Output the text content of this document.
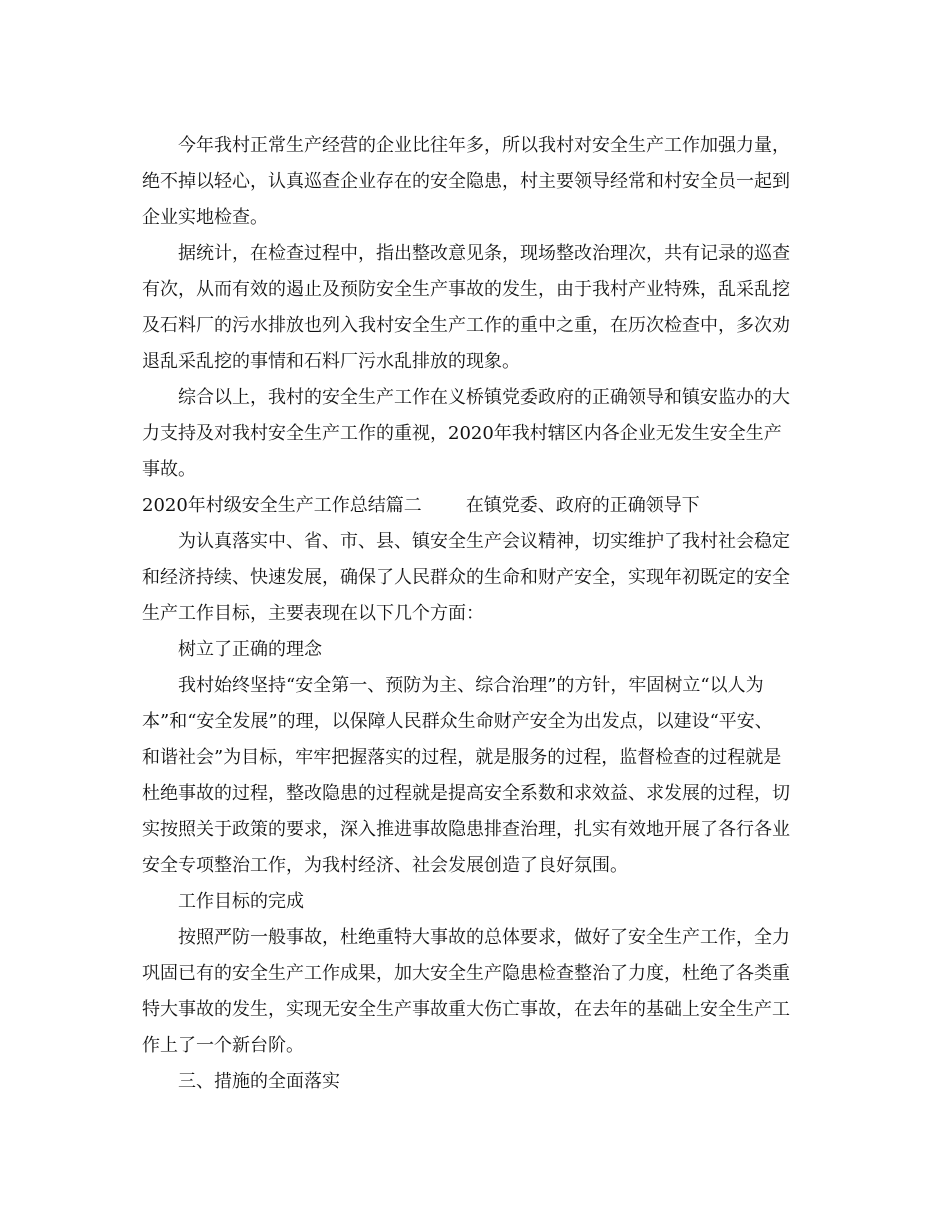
今年我村正常生产经营的企业比往年多，所以我村对安全生产工作加强力量，
绝不掉以轻心，认真巡查企业存在的安全隐患，村主要领导经常和村安全员一起到
企业实地检查。
据统计，在检查过程中，指出整改意见条，现场整改治理次，共有记录的巡查
有次，从而有效的遏止及预防安全生产事故的发生，由于我村产业特殊，乱采乱挖
及石料厂的污水排放也列入我村安全生产工作的重中之重，在历次检查中，多次劝
退乱采乱挖的事情和石料厂污水乱排放的现象。
综合以上，我村的安全生产工作在义桥镇党委政府的正确领导和镇安监办的大
力支持及对我村安全生产工作的重视，2020年我村辖区内各企业无发生安全生产
事故。
2020年村级安全生产工作总结篇二 在镇党委、政府的正确领导下
为认真落实中、省、市、县、镇安全生产会议精神，切实维护了我村社会稳定
和经济持续、快速发展，确保了人民群众的生命和财产安全，实现年初既定的安全
生产工作目标，主要表现在以下几个方面：
树立了正确的理念
我村始终坚持“安全第一、预防为主、综合治理”的方针，牢固树立“以人为
本”和“安全发展”的理，以保障人民群众生命财产安全为出发点，以建设“平安、
和谐社会”为目标，牢牢把握落实的过程，就是服务的过程，监督检查的过程就是
杜绝事故的过程，整改隐患的过程就是提高安全系数和求效益、求发展的过程，切
实按照关于政策的要求，深入推进事故隐患排查治理，扎实有效地开展了各行各业
安全专项整治工作，为我村经济、社会发展创造了良好氛围。
工作目标的完成
按照严防一般事故，杜绝重特大事故的总体要求，做好了安全生产工作，全力
巩固已有的安全生产工作成果，加大安全生产隐患检查整治了力度，杜绝了各类重
特大事故的发生，实现无安全生产事故重大伤亡事故，在去年的基础上安全生产工
作上了一个新台阶。
三、措施的全面落实
